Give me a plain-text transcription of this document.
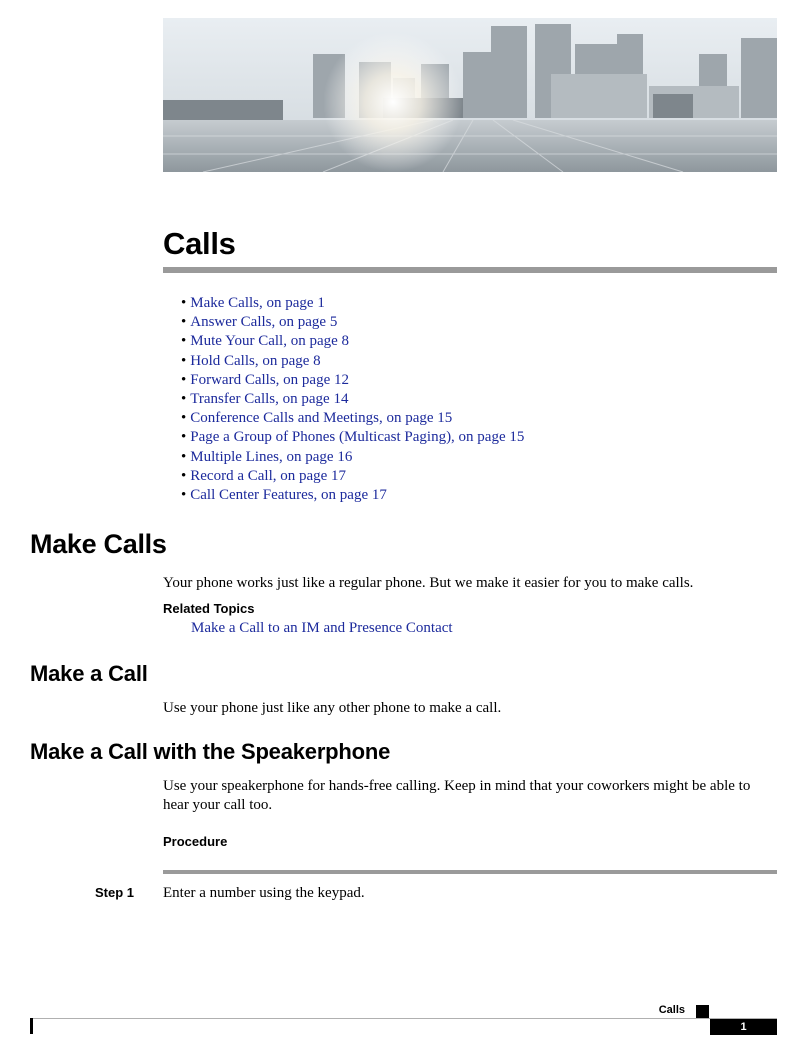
Calls
• Make Calls, on page 1
• Answer Calls, on page 5
• Mute Your Call, on page 8
• Hold Calls, on page 8
• Forward Calls, on page 12
• Transfer Calls, on page 14
• Conference Calls and Meetings, on page 15
• Page a Group of Phones (Multicast Paging), on page 15
• Multiple Lines, on page 16
• Record a Call, on page 17
• Call Center Features, on page 17
Make Calls
Your phone works just like a regular phone. But we make it easier for you to make calls.
Related Topics
Make a Call to an IM and Presence Contact
Make a Call
Use your phone just like any other phone to make a call.
Make a Call with the Speakerphone
Use your speakerphone for hands-free calling. Keep in mind that your coworkers might be able to hear your call too.
Procedure
Step 1 Enter a number using the keypad.
Calls
1
